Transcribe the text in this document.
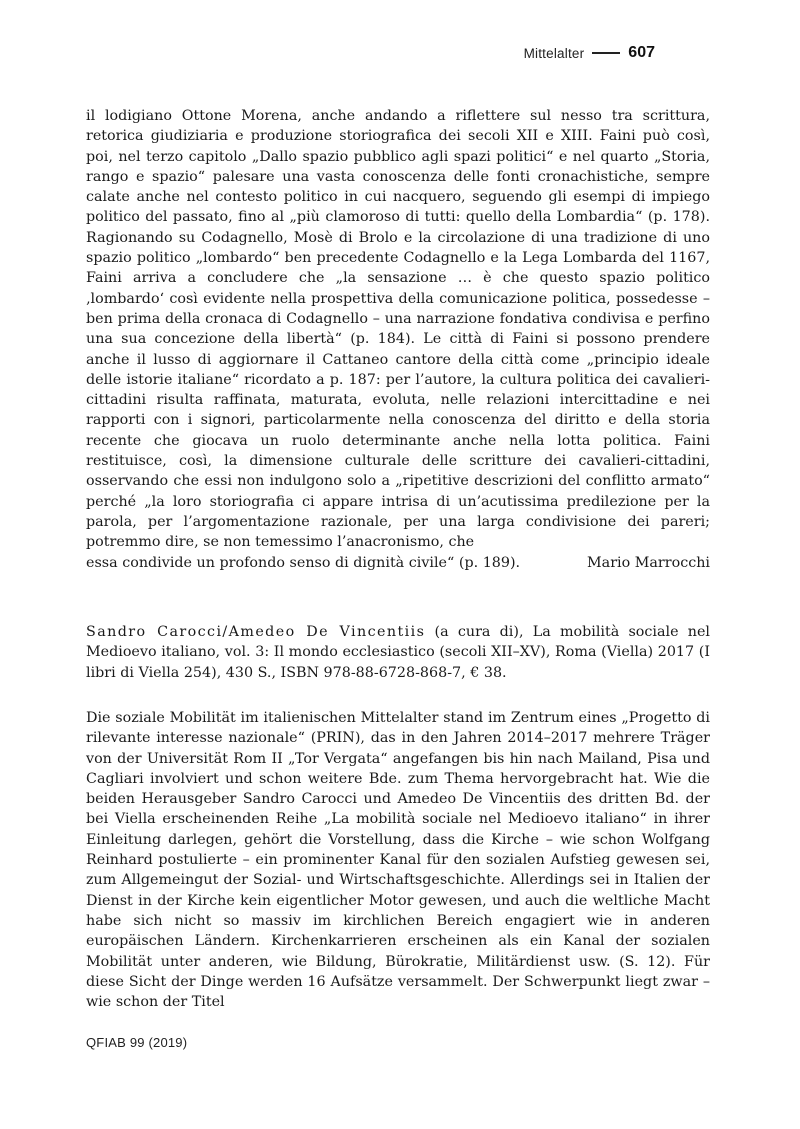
Mittelalter	607

il lodigiano Ottone Morena, anche andando a riflettere sul nesso tra scrittura, retorica giudiziaria e produzione storiografica dei secoli XII e XIII. Faini può così, poi, nel terzo capitolo „Dallo spazio pubblico agli spazi politici“ e nel quarto „Storia, rango e spazio“ palesare una vasta conoscenza delle fonti cronachistiche, sempre calate anche nel contesto politico in cui nacquero, seguendo gli esempi di impiego politico del passato, fino al „più clamoroso di tutti: quello della Lombardia“ (p. 178). Ragionando su Codagnello, Mosè di Brolo e la circolazione di una tradizione di uno spazio politico „lombardo“ ben precedente Codagnello e la Lega Lombarda del 1167, Faini arriva a concludere che „la sensazione … è che questo spazio politico ‚lombardo‘ così evidente nella prospettiva della comunicazione politica, possedesse – ben prima della cronaca di Codagnello – una narrazione fondativa condivisa e perfino una sua concezione della libertà“ (p. 184). Le città di Faini si possono prendere anche il lusso di aggiornare il Cattaneo cantore della città come „principio ideale delle istorie italiane“ ricordato a p. 187: per l’autore, la cultura politica dei cavalieri-cittadini risulta raffinata, maturata, evoluta, nelle relazioni intercittadine e nei rapporti con i signori, particolarmente nella conoscenza del diritto e della storia recente che giocava un ruolo determinante anche nella lotta politica. Faini restituisce, così, la dimensione culturale delle scritture dei cavalieri-cittadini, osservando che essi non indulgono solo a „ripetitive descrizioni del conflitto armato“ perché „la loro storiografia ci appare intrisa di un’acutissima predilezione per la parola, per l’argomentazione razionale, per una larga condivisione dei pareri; potremmo dire, se non temessimo l’anacronismo, che

essa condivide un profondo senso di dignità civile“ (p. 189).	Mario Marrocchi

Sandro Carocci/Amedeo De Vincentiis (a cura di), La mobilità sociale nel Medioevo italiano, vol. 3: Il mondo ecclesiastico (secoli XII–XV), Roma (Viella) 2017 (I libri di Viella 254), 430 S., ISBN 978-88-6728-868-7, € 38.

Die soziale Mobilität im italienischen Mittelalter stand im Zentrum eines „Progetto di rilevante interesse nazionale“ (PRIN), das in den Jahren 2014–2017 mehrere Träger von der Universität Rom II „Tor Vergata“ angefangen bis hin nach Mailand, Pisa und Cagliari involviert und schon weitere Bde. zum Thema hervorgebracht hat. Wie die beiden Herausgeber Sandro Carocci und Amedeo De Vincentiis des dritten Bd. der bei Viella erscheinenden Reihe „La mobilità sociale nel Medioevo italiano“ in ihrer Einleitung darlegen, gehört die Vorstellung, dass die Kirche – wie schon Wolfgang Reinhard postulierte – ein prominenter Kanal für den sozialen Aufstieg gewesen sei, zum Allgemeingut der Sozial- und Wirtschaftsgeschichte. Allerdings sei in Italien der Dienst in der Kirche kein eigentlicher Motor gewesen, und auch die weltliche Macht habe sich nicht so massiv im kirchlichen Bereich engagiert wie in anderen europäischen Ländern. Kirchenkarrieren erscheinen als ein Kanal der sozialen Mobilität unter anderen, wie Bildung, Bürokratie, Militärdienst usw. (S. 12). Für diese Sicht der Dinge werden 16 Aufsätze versammelt. Der Schwerpunkt liegt zwar – wie schon der Titel

QFIAB 99 (2019)
